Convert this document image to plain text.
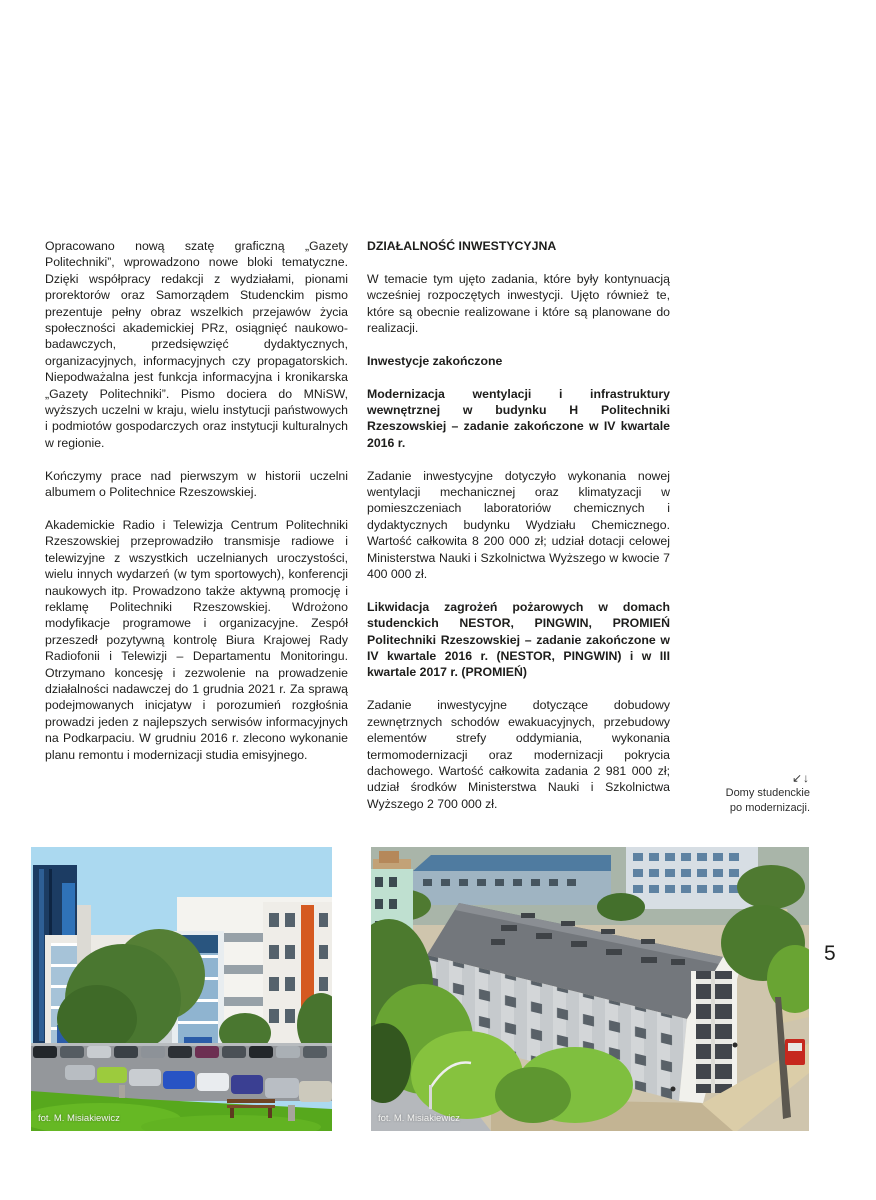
Opracowano nową szatę graficzną „Gazety Politechniki”, wprowadzono nowe bloki tematyczne. Dzięki współpracy redakcji z wydziałami, pionami prorektorów oraz Samorządem Studenckim pismo prezentuje pełny obraz wszelkich przejawów życia społeczności akademickiej PRz, osiągnięć naukowo-badawczych, przedsięwzięć dydaktycznych, organizacyjnych, informacyjnych czy propagatorskich. Niepodważalna jest funkcja informacyjna i kronikarska „Gazety Politechniki”. Pismo dociera do MNiSW, wyższych uczelni w kraju, wielu instytucji państwowych i podmiotów gospodarczych oraz instytucji kulturalnych w regionie.

Kończymy prace nad pierwszym w historii uczelni albumem o Politechnice Rzeszowskiej.

Akademickie Radio i Telewizja Centrum Politechniki Rzeszowskiej przeprowadziło transmisje radiowe i telewizyjne z wszystkich uczelnianych uroczystości, wielu innych wydarzeń (w tym sportowych), konferencji naukowych itp. Prowadzono także aktywną promocję i reklamę Politechniki Rzeszowskiej. Wdrożono modyfikacje programowe i organizacyjne. Zespół przeszedł pozytywną kontrolę Biura Krajowej Rady Radiofonii i Telewizji – Departamentu Monitoringu. Otrzymano koncesję i zezwolenie na prowadzenie działalności nadawczej do 1 grudnia 2021 r. Za sprawą podejmowanych inicjatyw i porozumień rozgłośnia prowadzi jeden z najlepszych serwisów informacyjnych na Podkarpaciu. W grudniu 2016 r. zlecono wykonanie planu remontu i modernizacji studia emisyjnego.

DZIAŁALNOŚĆ INWESTYCYJNA

W temacie tym ujęto zadania, które były kontynuacją wcześniej rozpoczętych inwestycji. Ujęto również te, które są obecnie realizowane i które są planowane do realizacji.

Inwestycje zakończone

Modernizacja wentylacji i infrastruktury wewnętrznej w budynku H Politechniki Rzeszowskiej – zadanie zakończone w IV kwartale 2016 r.

Zadanie inwestycyjne dotyczyło wykonania nowej wentylacji mechanicznej oraz klimatyzacji w pomieszczeniach laboratoriów chemicznych i dydaktycznych budynku Wydziału Chemicznego. Wartość całkowita 8 200 000 zł; udział dotacji celowej Ministerstwa Nauki i Szkolnictwa Wyższego w kwocie 7 400 000 zł.

Likwidacja zagrożeń pożarowych w domach studenckich NESTOR, PINGWIN, PROMIEŃ Politechniki Rzeszowskiej – zadanie zakończone w IV kwartale 2016 r. (NESTOR, PINGWIN) i w III kwartale 2017 r. (PROMIEŃ)

Zadanie inwestycyjne dotyczące dobudowy zewnętrznych schodów ewakuacyjnych, przebudowy elementów strefy oddymiania, wykonania termomodernizacji oraz modernizacji pokrycia dachowego. Wartość całkowita zadania 2 981 000 zł; udział środków Ministerstwa Nauki i Szkolnictwa Wyższego 2 700 000 zł.

↙↓
Domy studenckie
po modernizacji.
5
fot. M. Misiakiewicz	fot. M. Misiakiewicz
